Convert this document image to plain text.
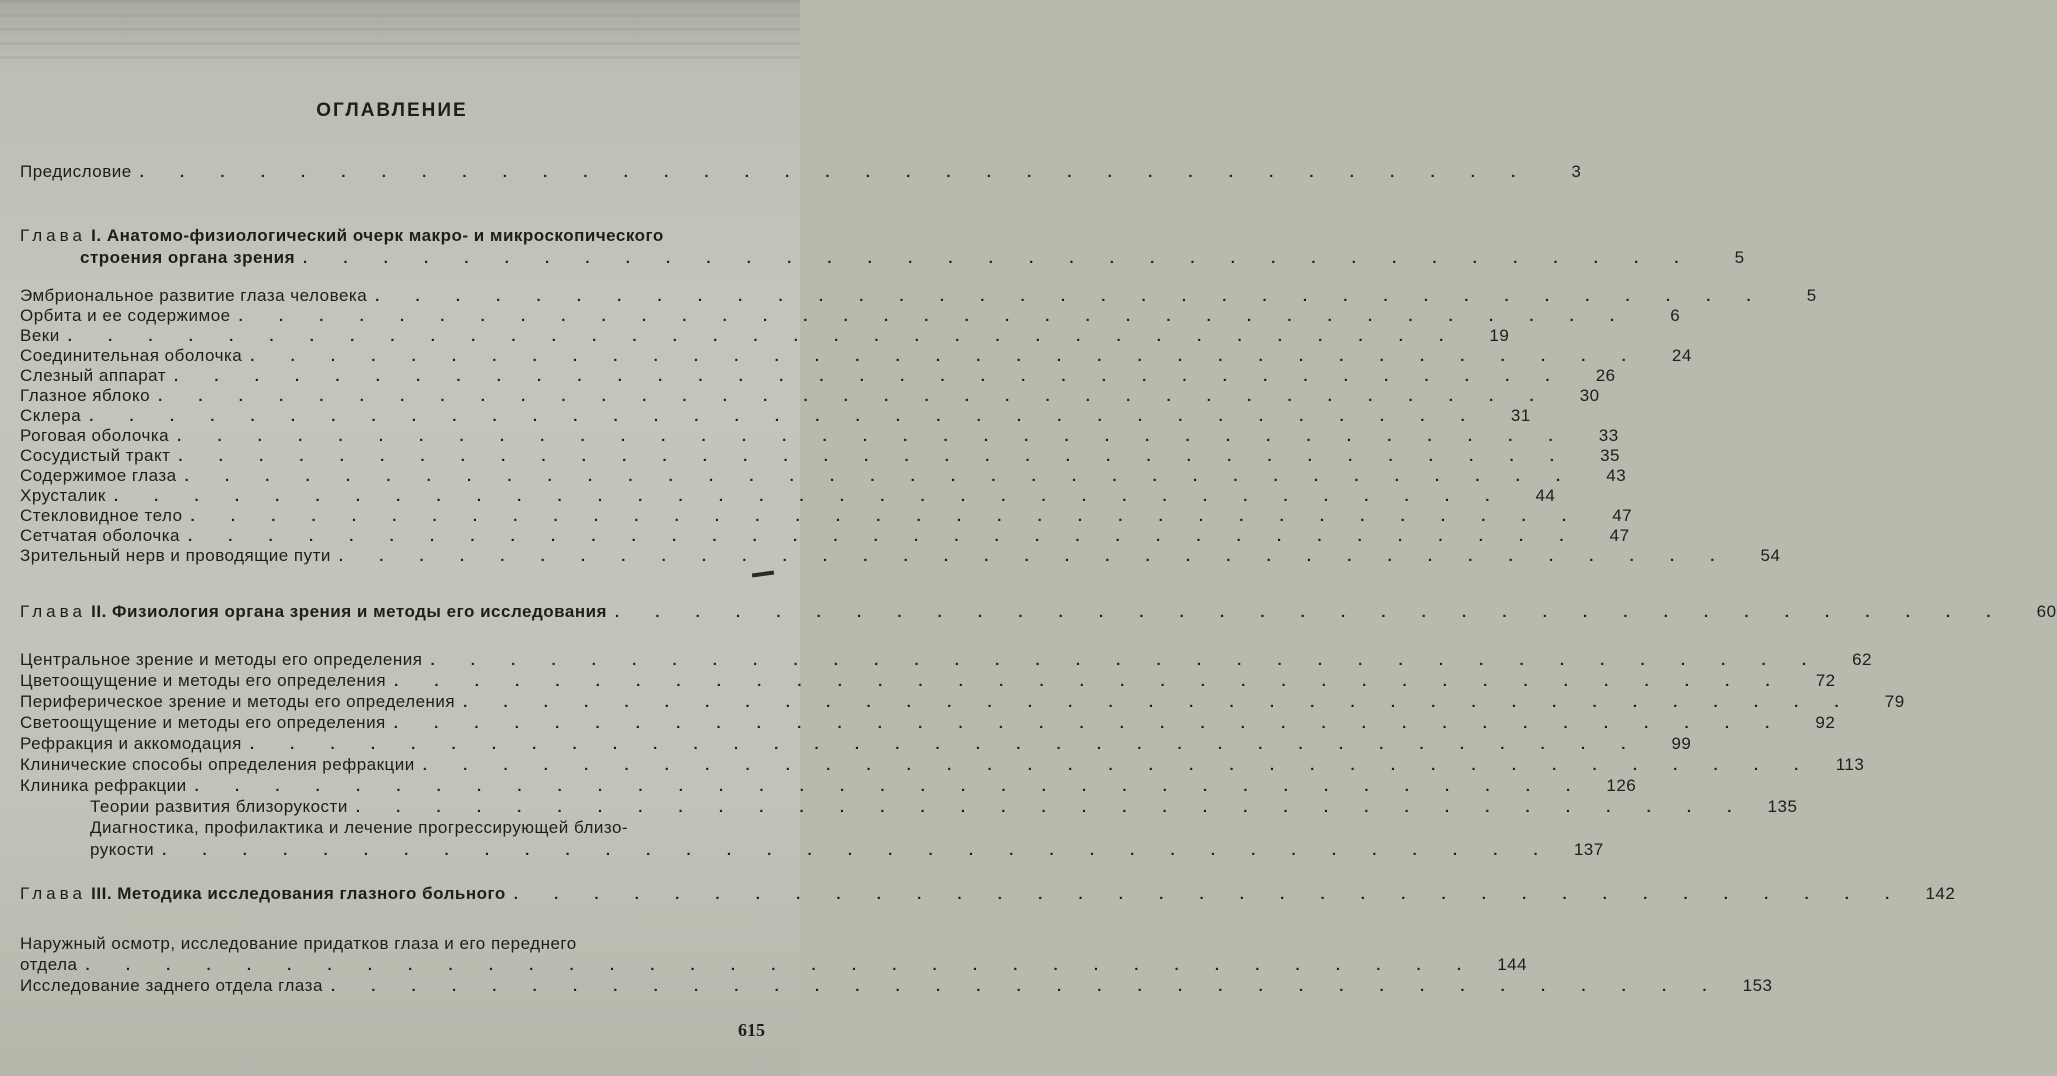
ОГЛАВЛЕНИЕ
Предисловие . . . . . . . . . . . . . . . . . . . . . . . . . . . . . . . . . . .	3
Глава I. Анатомо-физиологический очерк макро- и микроскопического
строения органа зрения . . . . . . . . . . . . . . . . . . . . . . . . . . . . . . . . . . .	5
Эмбриональное развитие глаза человека . . . . . . . . . . . . . . . . . . . . . . . . . . . . . . . . . . .	5
Орбита и ее содержимое . . . . . . . . . . . . . . . . . . . . . . . . . . . . . . . . . . .	6
Веки . . . . . . . . . . . . . . . . . . . . . . . . . . . . . . . . . . .	19
Соединительная оболочка . . . . . . . . . . . . . . . . . . . . . . . . . . . . . . . . . . .	24
Слезный аппарат . . . . . . . . . . . . . . . . . . . . . . . . . . . . . . . . . . .	26
Глазное яблоко . . . . . . . . . . . . . . . . . . . . . . . . . . . . . . . . . . .	30
Склера . . . . . . . . . . . . . . . . . . . . . . . . . . . . . . . . . . .	31
Роговая оболочка . . . . . . . . . . . . . . . . . . . . . . . . . . . . . . . . . . .	33
Сосудистый тракт . . . . . . . . . . . . . . . . . . . . . . . . . . . . . . . . . . .	35
Содержимое глаза . . . . . . . . . . . . . . . . . . . . . . . . . . . . . . . . . . .	43
Хрусталик . . . . . . . . . . . . . . . . . . . . . . . . . . . . . . . . . . .	44
Стекловидное тело . . . . . . . . . . . . . . . . . . . . . . . . . . . . . . . . . . .	47
Сетчатая оболочка . . . . . . . . . . . . . . . . . . . . . . . . . . . . . . . . . . .	47
Зрительный нерв и проводящие пути . . . . . . . . . . . . . . . . . . . . . . . . . . . . . . . . . . .	54
Глава II. Физиология органа зрения и методы его исследования . . . . . . . . . . . . . . . . . . . . . . . . . . . . . . . . . . .	60
Центральное зрение и методы его определения . . . . . . . . . . . . . . . . . . . . . . . . . . . . . . . . . . .	62
Цветоощущение и методы его определения . . . . . . . . . . . . . . . . . . . . . . . . . . . . . . . . . . .	72
Периферическое зрение и методы его определения . . . . . . . . . . . . . . . . . . . . . . . . . . . . . . . . . . .	79
Светоощущение и методы его определения . . . . . . . . . . . . . . . . . . . . . . . . . . . . . . . . . . .	92
Рефракция и аккомодация . . . . . . . . . . . . . . . . . . . . . . . . . . . . . . . . . . .	99
Клинические способы определения рефракции . . . . . . . . . . . . . . . . . . . . . . . . . . . . . . . . . . .	113
Клиника рефракции . . . . . . . . . . . . . . . . . . . . . . . . . . . . . . . . . . .	126
Теории развития близорукости . . . . . . . . . . . . . . . . . . . . . . . . . . . . . . . . . . .	135
Диагностика, профилактика и лечение прогрессирующей близо-
рукости . . . . . . . . . . . . . . . . . . . . . . . . . . . . . . . . . . .	137
Глава III. Методика исследования глазного больного . . . . . . . . . . . . . . . . . . . . . . . . . . . . . . . . . . .	142
Наружный осмотр, исследование придатков глаза и его переднего
отдела . . . . . . . . . . . . . . . . . . . . . . . . . . . . . . . . . . .	144
Исследование заднего отдела глаза . . . . . . . . . . . . . . . . . . . . . . . . . . . . . . . . . . .	153
615
